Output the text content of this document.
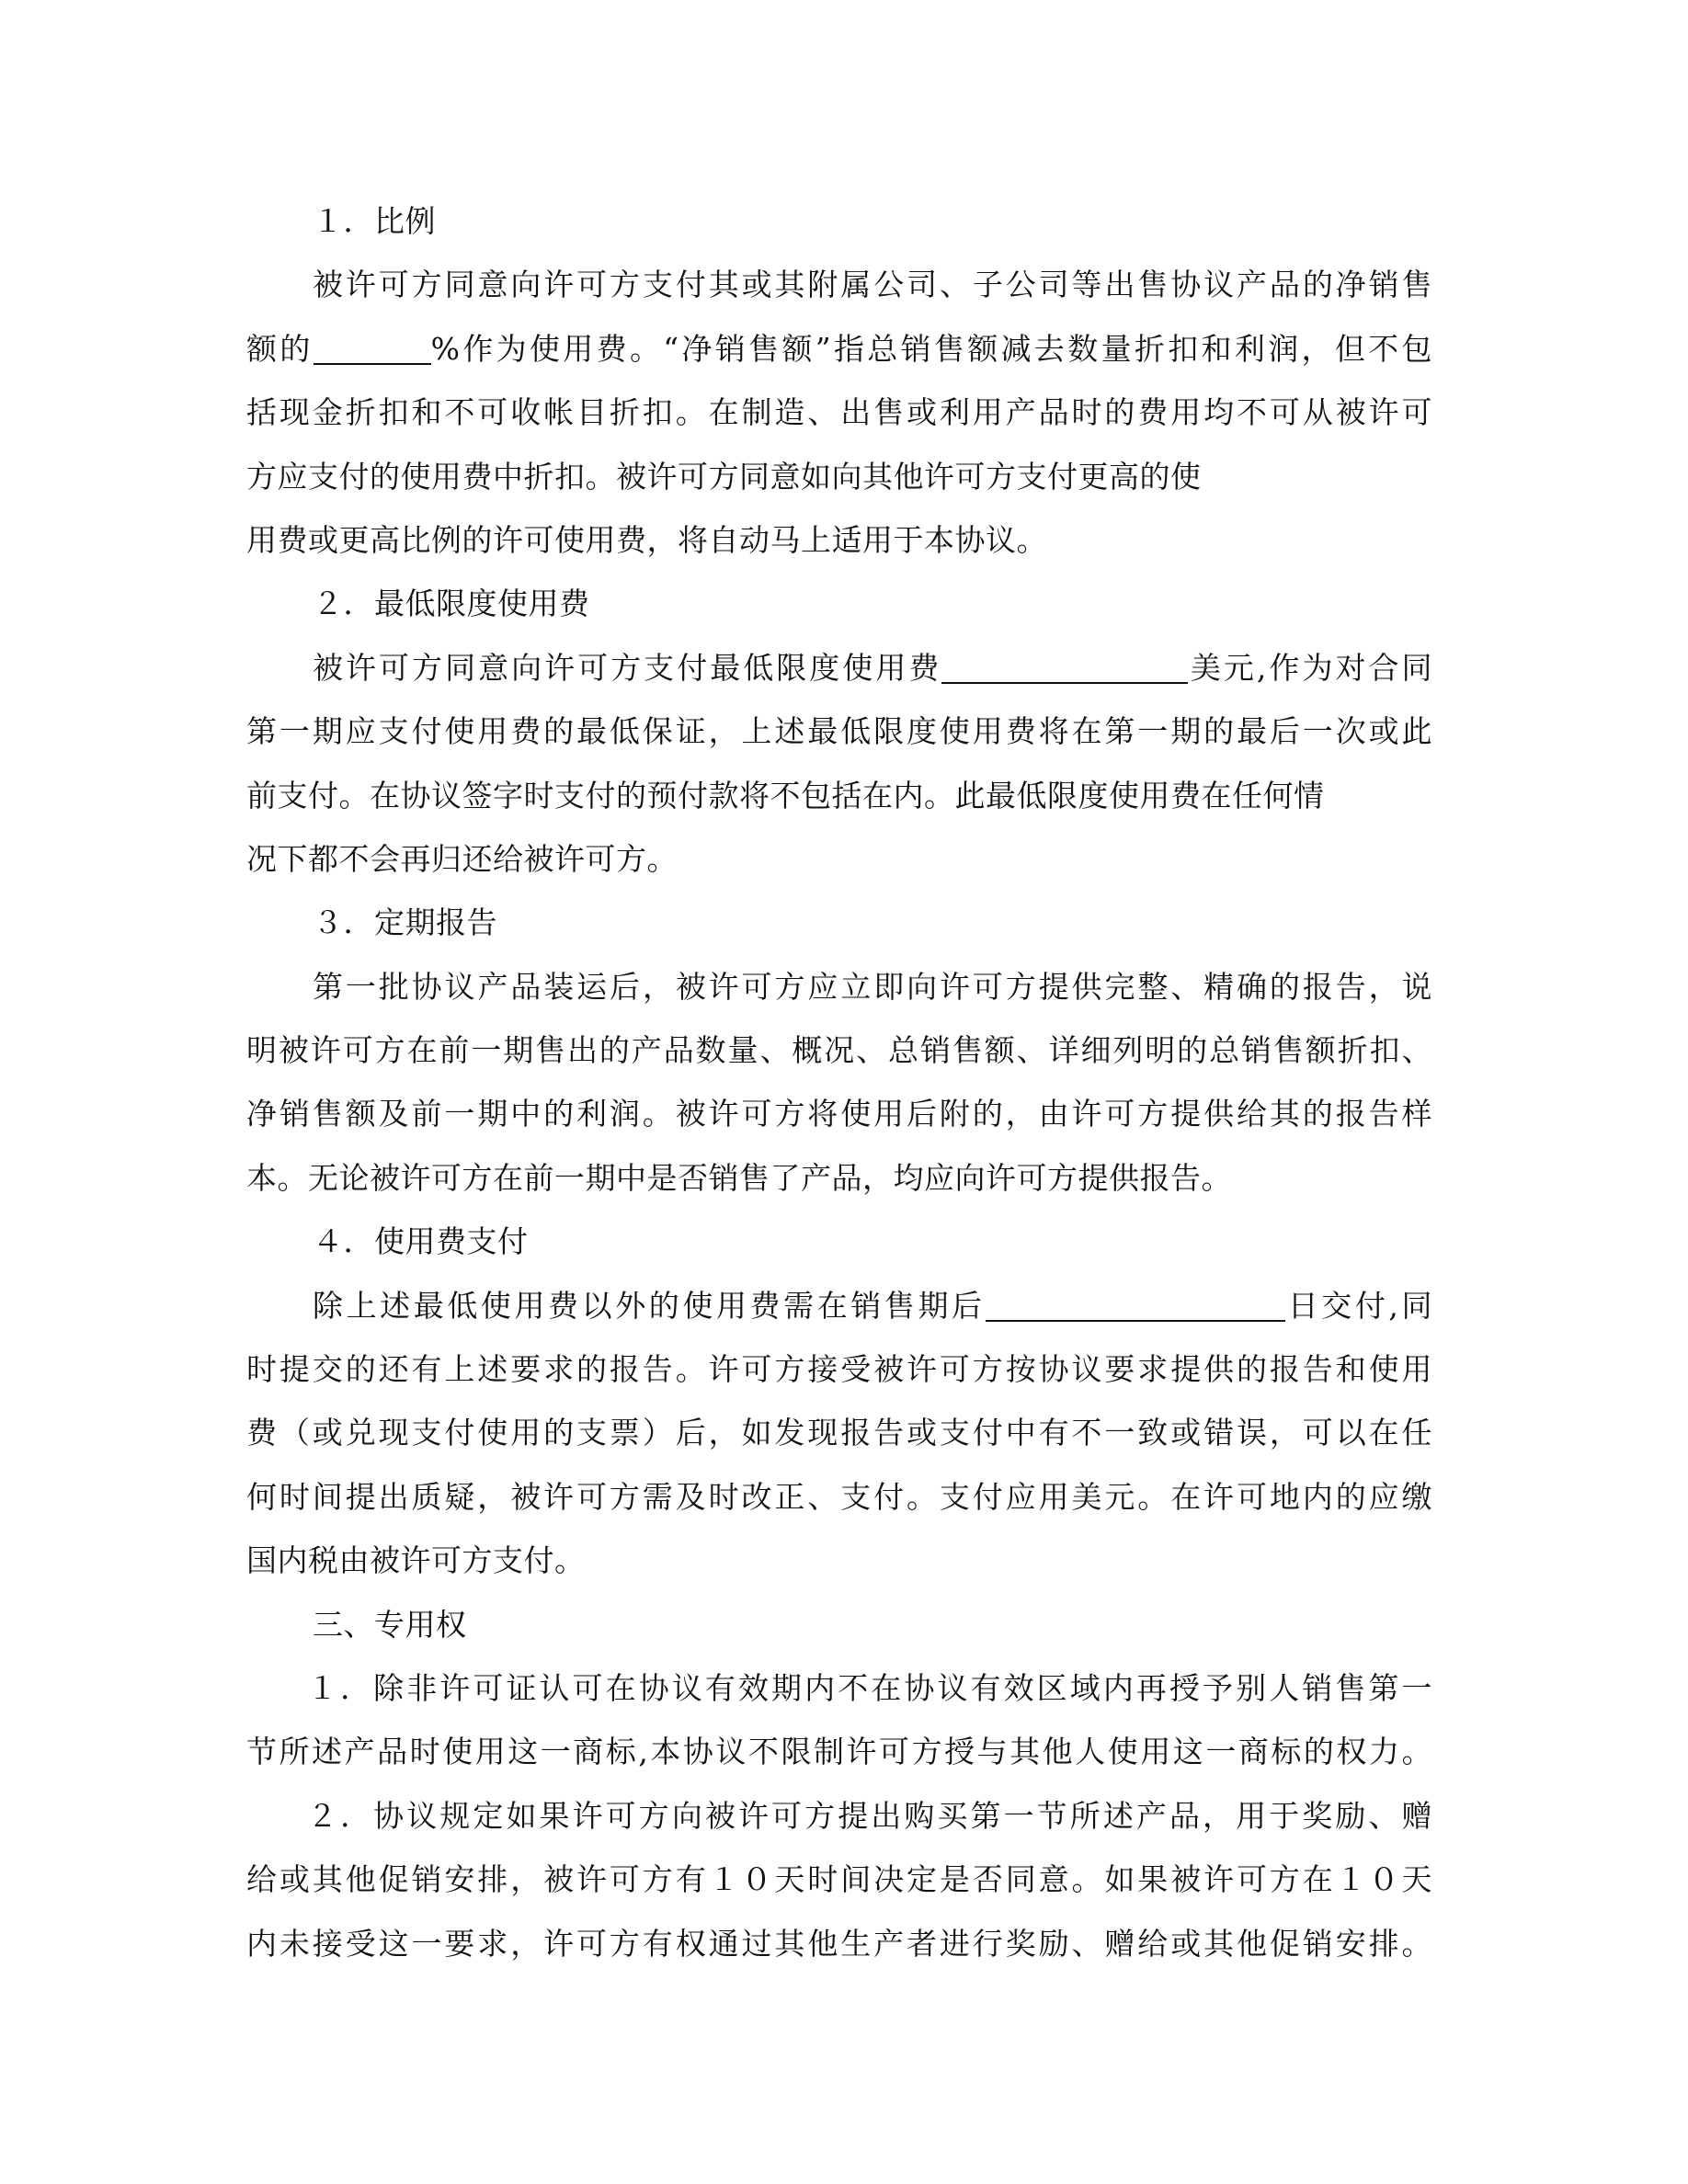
１．比例
被许可方同意向许可方支付其或其附属公司、子公司等出售协议产品的净销售
额的	%作为使用费。“净销售额”指总销售额减去数量折扣和利润，但不包
括现金折扣和不可收帐目折扣。在制造、出售或利用产品时的费用均不可从被许可
方应支付的使用费中折扣。被许可方同意如向其他许可方支付更高的使
用费或更高比例的许可使用费，将自动马上适用于本协议。
２．最低限度使用费
被许可方同意向许可方支付最低限度使用费	美元,作为对合同
第一期应支付使用费的最低保证，上述最低限度使用费将在第一期的最后一次或此
前支付。在协议签字时支付的预付款将不包括在内。此最低限度使用费在任何情
况下都不会再归还给被许可方。
３．定期报告
第一批协议产品装运后，被许可方应立即向许可方提供完整、精确的报告，说
明被许可方在前一期售出的产品数量、概况、总销售额、详细列明的总销售额折扣、
净销售额及前一期中的利润。被许可方将使用后附的，由许可方提供给其的报告样
本。无论被许可方在前一期中是否销售了产品，均应向许可方提供报告。
４．使用费支付
除上述最低使用费以外的使用费需在销售期后	日交付,同
时提交的还有上述要求的报告。许可方接受被许可方按协议要求提供的报告和使用
费（或兑现支付使用的支票）后，如发现报告或支付中有不一致或错误，可以在任
何时间提出质疑，被许可方需及时改正、支付。支付应用美元。在许可地内的应缴
国内税由被许可方支付。
三、专用权
１．除非许可证认可在协议有效期内不在协议有效区域内再授予别人销售第一
节所述产品时使用这一商标,本协议不限制许可方授与其他人使用这一商标的权力。
２．协议规定如果许可方向被许可方提出购买第一节所述产品，用于奖励、赠
给或其他促销安排，被许可方有１０天时间决定是否同意。如果被许可方在１０天
内未接受这一要求，许可方有权通过其他生产者进行奖励、赠给或其他促销安排。
